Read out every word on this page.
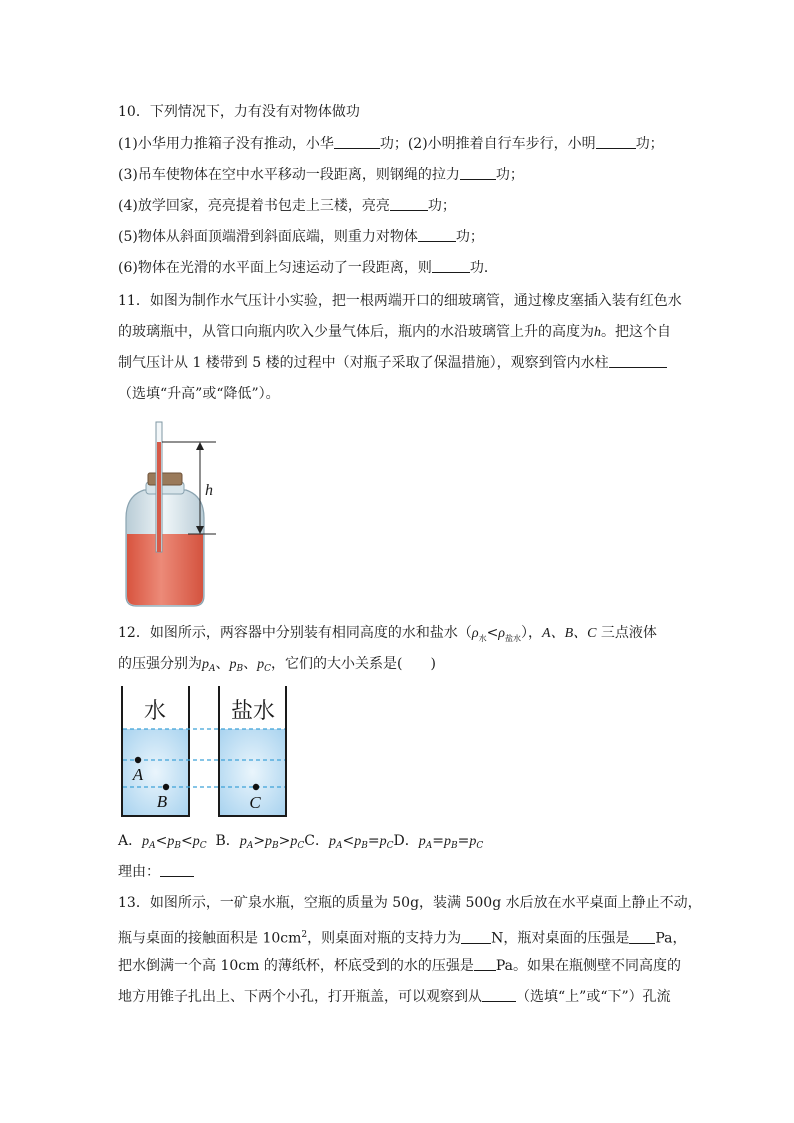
10．下列情况下，力有没有对物体做功
(1)小华用力推箱子没有推动，小华	功；(2)小明推着自行车步行，小明	功；
(3)吊车使物体在空中水平移动一段距离，则钢绳的拉力	功；
(4)放学回家，亮亮提着书包走上三楼，亮亮	功；
(5)物体从斜面顶端滑到斜面底端，则重力对物体	功；
(6)物体在光滑的水平面上匀速运动了一段距离，则	功．
11．如图为制作水气压计小实验，把一根两端开口的细玻璃管，通过橡皮塞插入装有红色水
的玻璃瓶中，从管口向瓶内吹入少量气体后，瓶内的水沿玻璃管上升的高度为h。把这个自
制气压计从 1 楼带到 5 楼的过程中（对瓶子采取了保温措施），观察到管内水柱
（选填“升高”或“降低”）。
h
12．如图所示，两容器中分别装有相同高度的水和盐水$(\rho_水<\rho_{盐水})$，A、B、C 三点液体
的压强分别为$p_A$、$p_B$、$p_C$，它们的大小关系是(　　)
水	盐水
A
B	C
A．$p_A<p_B<p_C$ B．$p_A>p_B>p_CC$．$p_A<p_B=p_CD$．$p_A=p_B=p_C$
理由：
13．如图所示，一矿泉水瓶，空瓶的质量为 50g，装满 500g 水后放在水平桌面上静止不动，
瓶与桌面的接触面积是 $10cm^2$，则桌面对瓶的支持力为 N，瓶对桌面的压强是 Pa，
把水倒满一个高 10cm 的薄纸杯，杯底受到的水的压强是 Pa。如果在瓶侧壁不同高度的
地方用锥子扎出上、下两个小孔，打开瓶盖，可以观察到从 （选填“上”或“下”）孔流
